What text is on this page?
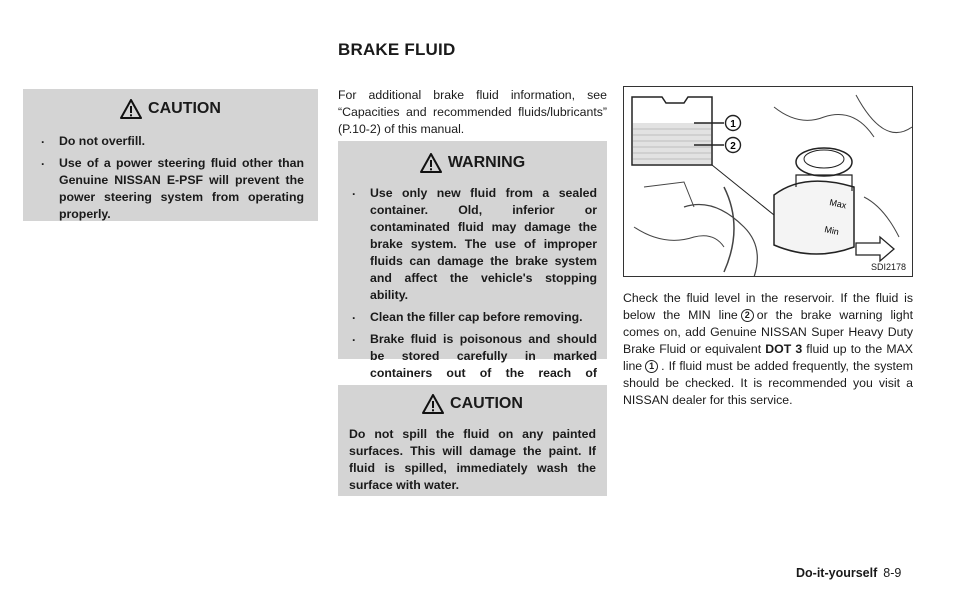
BRAKE FLUID
CAUTION
. Do not overfill.
. Use of a power steering fluid other than Genuine NISSAN E-PSF will prevent the power steering system from operating properly.
For additional brake fluid information, see “Capacities and recommended fluids/lubricants” (P.10-2) of this manual.
WARNING
. Use only new fluid from a sealed container. Old, inferior or contaminated fluid may damage the brake system. The use of improper fluids can damage the brake system and affect the vehicle's stopping ability.
. Clean the filler cap before removing.
. Brake fluid is poisonous and should be stored carefully in marked containers out of the reach of
CAUTION
Do not spill the fluid on any painted surfaces. This will damage the paint. If fluid is spilled, immediately wash the surface with water.
Max
Min
1
2
SDI2178
Check the fluid level in the reservoir. If the fluid is below the MIN line 2 or the brake warning light comes on, add Genuine NISSAN Super Heavy Duty Brake Fluid or equivalent DOT 3 fluid up to the MAX line 1 . If fluid must be added frequently, the system should be checked. It is recommended you visit a NISSAN dealer for this service.
Do-it-yourself 8-9
